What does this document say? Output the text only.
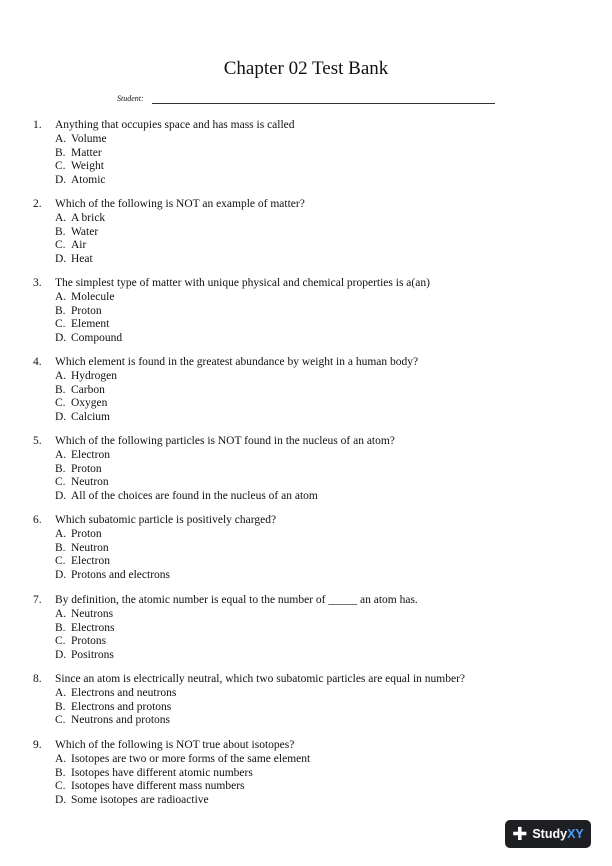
Chapter 02 Test Bank
Student:
1.	Anything that occupies space and has mass is called
A. Volume
B. Matter
C. Weight
D. Atomic
2.	Which of the following is NOT an example of matter?
A. A brick
B. Water
C. Air
D. Heat
3.	The simplest type of matter with unique physical and chemical properties is a(an)
A. Molecule
B. Proton
C. Element
D. Compound
4.	Which element is found in the greatest abundance by weight in a human body?
A. Hydrogen
B. Carbon
C. Oxygen
D. Calcium
5.	Which of the following particles is NOT found in the nucleus of an atom?
A. Electron
B. Proton
C. Neutron
D. All of the choices are found in the nucleus of an atom
6.	Which subatomic particle is positively charged?
A. Proton
B. Neutron
C. Electron
D. Protons and electrons
7.	By definition, the atomic number is equal to the number of _____ an atom has.
A. Neutrons
B. Electrons
C. Protons
D. Positrons
8.	Since an atom is electrically neutral, which two subatomic particles are equal in number?
A. Electrons and neutrons
B. Electrons and protons
C. Neutrons and protons
9.	Which of the following is NOT true about isotopes?
A. Isotopes are two or more forms of the same element
B. Isotopes have different atomic numbers
C. Isotopes have different mass numbers
D. Some isotopes are radioactive
✚ StudyXY
